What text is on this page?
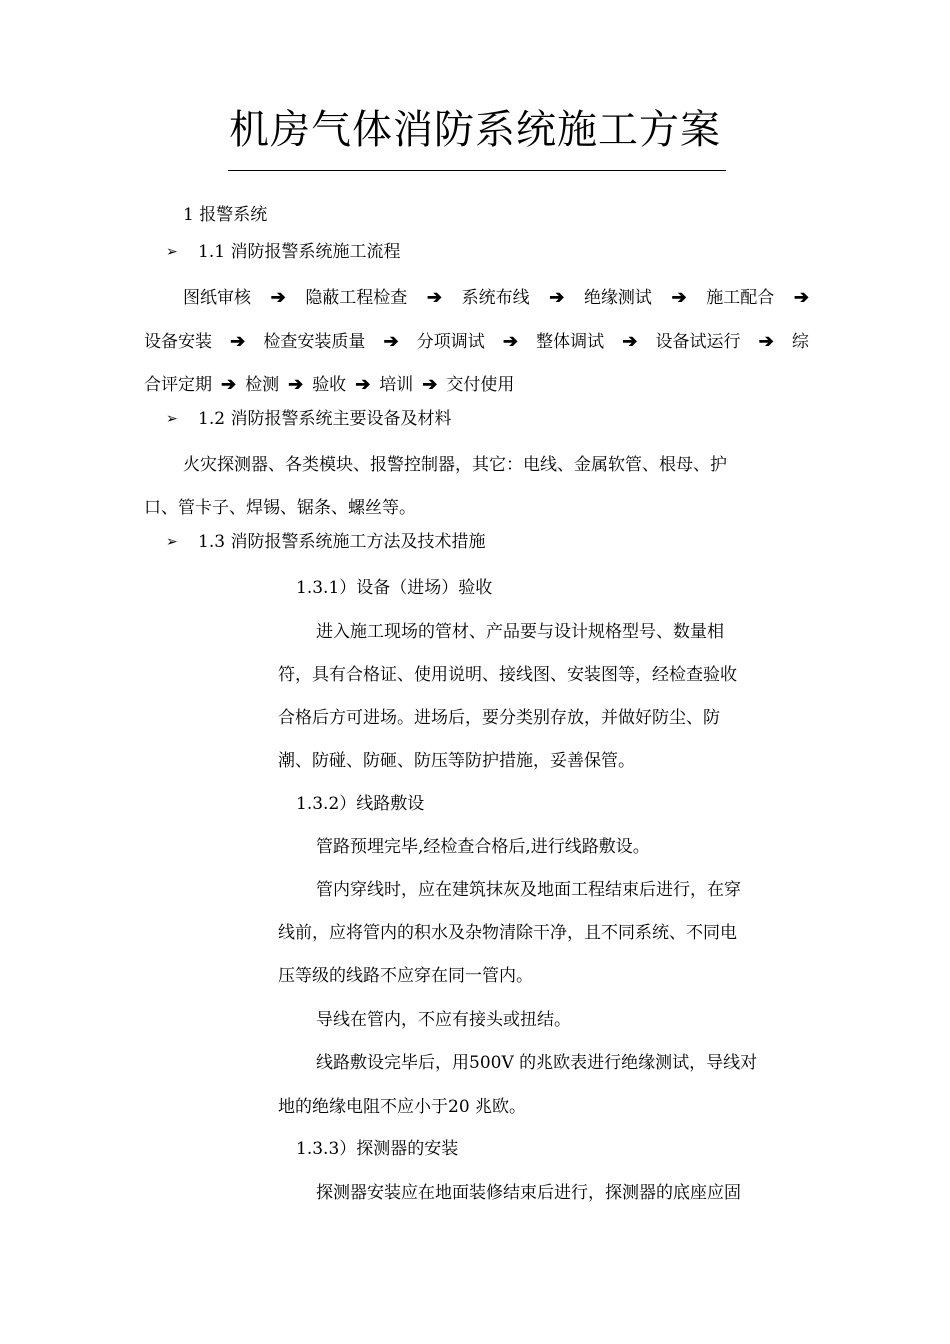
机房气体消防系统施工方案
1 报警系统
➢ 1.1 消防报警系统施工流程
图纸审核 ➔ 隐蔽工程检查 ➔ 系统布线 ➔ 绝缘测试 ➔ 施工配合 ➔
设备安装 ➔ 检查安装质量 ➔ 分项调试 ➔ 整体调试 ➔ 设备试运行 ➔ 综
合评定期 ➔ 检测 ➔ 验收 ➔ 培训 ➔ 交付使用
➢ 1.2 消防报警系统主要设备及材料
火灾探测器、各类模块、报警控制器，其它：电线、金属软管、根母、护
口、管卡子、焊锡、锯条、螺丝等。
➢ 1.3 消防报警系统施工方法及技术措施
1.3.1）设备（进场）验收
进入施工现场的管材、产品要与设计规格型号、数量相
符，具有合格证、使用说明、接线图、安装图等，经检查验收
合格后方可进场。进场后，要分类别存放，并做好防尘、防
潮、防碰、防砸、防压等防护措施，妥善保管。
1.3.2）线路敷设
管路预埋完毕,经检查合格后,进行线路敷设。
管内穿线时，应在建筑抹灰及地面工程结束后进行，在穿
线前，应将管内的积水及杂物清除干净，且不同系统、不同电
压等级的线路不应穿在同一管内。
导线在管内，不应有接头或扭结。
线路敷设完毕后，用500V 的兆欧表进行绝缘测试，导线对
地的绝缘电阻不应小于20 兆欧。
1.3.3）探测器的安装
探测器安装应在地面装修结束后进行，探测器的底座应固
